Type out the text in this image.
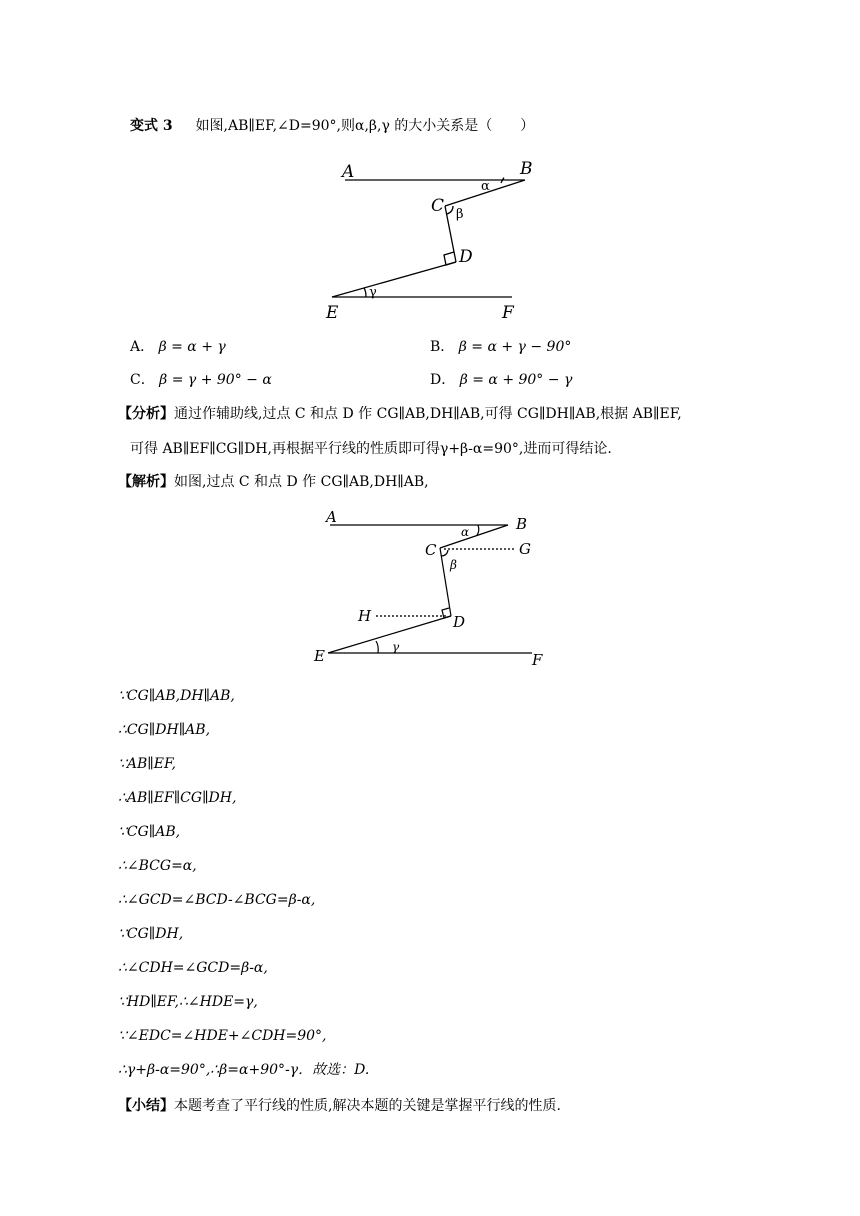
变式 3 如图,AB∥EF,∠D=90°,则α,β,γ 的大小关系是（　　）
A	B
C
D
E	F
α
β
γ
A． β = α + γ	B． β = α + γ − 90°
C． β = γ + 90° − α	D． β = α + 90° − γ
【分析】通过作辅助线,过点 C 和点 D 作 CG∥AB,DH∥AB,可得 CG∥DH∥AB,根据 AB∥EF,
可得 AB∥EF∥CG∥DH,再根据平行线的性质即可得γ+β-α=90°,进而可得结论.
【解析】如图,过点 C 和点 D 作 CG∥AB,DH∥AB,
A	B
C
D
E	F
G
H
α
β
γ
∵CG∥AB,DH∥AB,
∴CG∥DH∥AB,
∵AB∥EF,
∴AB∥EF∥CG∥DH,
∵CG∥AB,
∴∠BCG=α,
∴∠GCD=∠BCD-∠BCG=β-α,
∵CG∥DH,
∴∠CDH=∠GCD=β-α,
∵HD∥EF,∴∠HDE=γ,
∵∠EDC=∠HDE+∠CDH=90°,
∴γ+β-α=90°,∴β=α+90°-γ．故选：D.
【小结】本题考查了平行线的性质,解决本题的关键是掌握平行线的性质.
